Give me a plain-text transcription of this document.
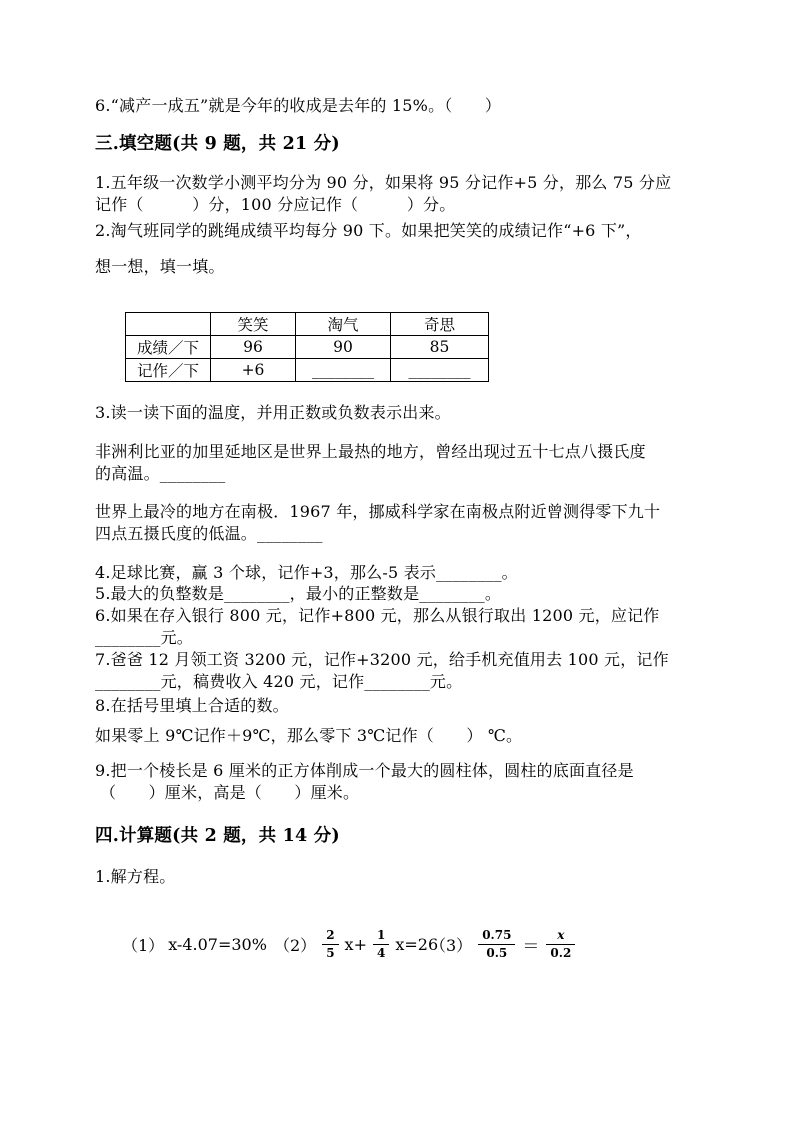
6.“减产一成五”就是今年的收成是去年的 15%。（　　）
三.填空题(共 9 题，共 21 分)
1.五年级一次数学小测平均分为 90 分，如果将 95 分记作+5 分，那么 75 分应
记作（　　　）分，100 分应记作（　　　）分。
2.淘气班同学的跳绳成绩平均每分 90 下。如果把笑笑的成绩记作“+6 下”，
想一想，填一填。
	笑笑	淘气	奇思
成绩／下	96	90	85
记作／下	+6	________	________
3.读一读下面的温度，并用正数或负数表示出来。
非洲利比亚的加里延地区是世界上最热的地方，曾经出现过五十七点八摄氏度
的高温。________
世界上最冷的地方在南极．1967 年，挪威科学家在南极点附近曾测得零下九十
四点五摄氏度的低温。________
4.足球比赛，赢 3 个球，记作+3，那么-5 表示________。
5.最大的负整数是________，最小的正整数是________。
6.如果在存入银行 800 元，记作+800 元，那么从银行取出 1200 元，应记作
________元。
7.爸爸 12 月领工资 3200 元，记作+3200 元，给手机充值用去 100 元，记作
________元，稿费收入 420 元，记作________元。
8.在括号里填上合适的数。
如果零上 9℃记作＋9℃，那么零下 3℃记作（　　） ℃。
9.把一个棱长是 6 厘米的正方体削成一个最大的圆柱体，圆柱的底面直径是
（　　）厘米，高是（　　）厘米。
四.计算题(共 2 题，共 14 分)
1.解方程。
（1） x-4.07=30% $(2) \frac{2}{5} x+ \frac{1}{4} x=26$
$(3) \frac{0.75}{0.5} = \frac{x}{0.2}$
